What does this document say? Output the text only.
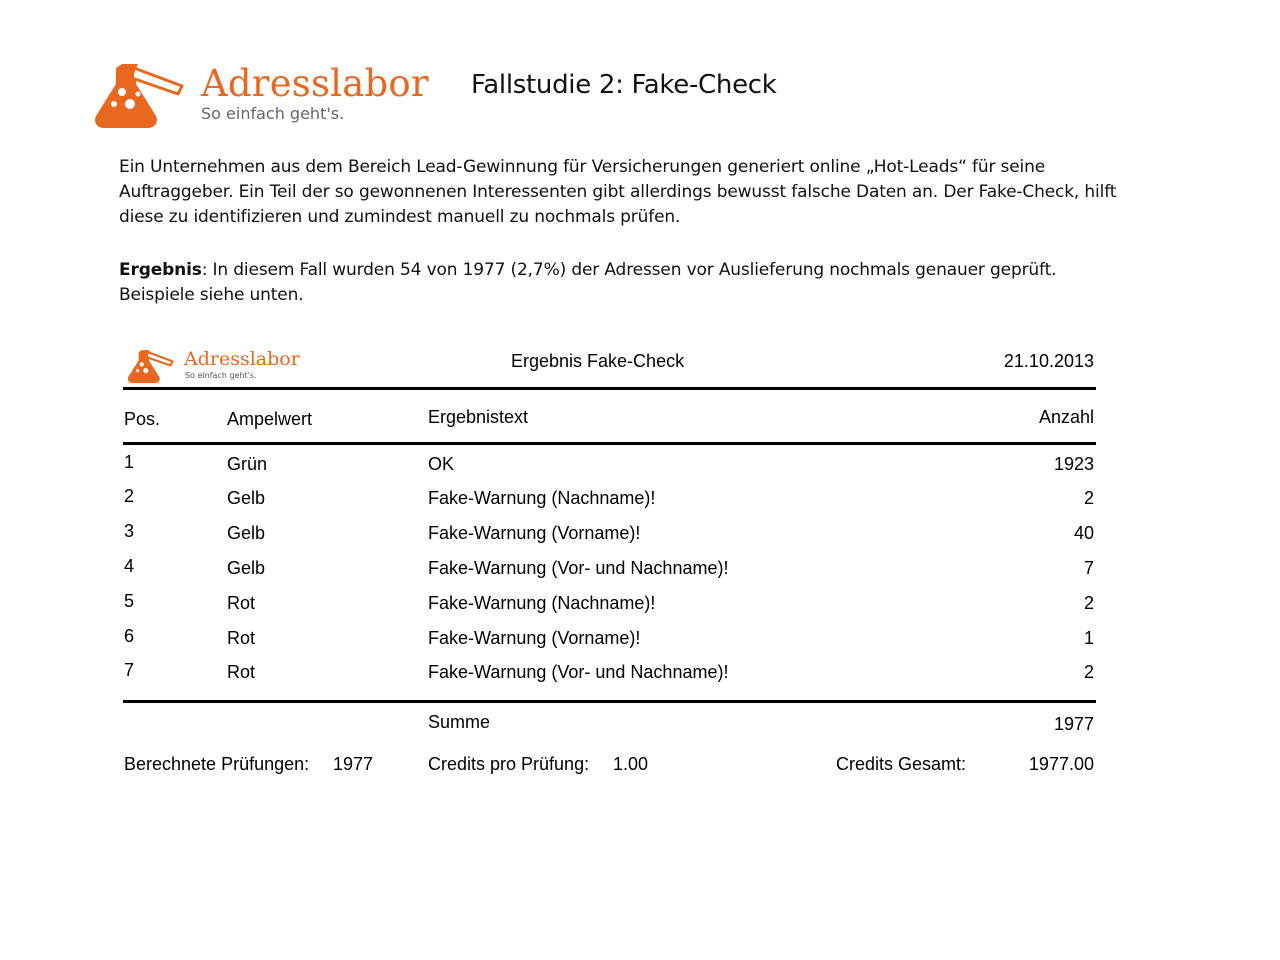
Adresslabor
So einfach geht's.
Fallstudie 2: Fake-Check

Ein Unternehmen aus dem Bereich Lead-Gewinnung für Versicherungen generiert online „Hot-Leads“ für seine Auftraggeber. Ein Teil der so gewonnenen Interessenten gibt allerdings bewusst falsche Daten an. Der Fake-Check, hilft diese zu identifizieren und zumindest manuell zu nochmals prüfen.

Ergebnis: In diesem Fall wurden 54 von 1977 (2,7%) der Adressen vor Auslieferung nochmals genauer geprüft. Beispiele siehe unten.

Adresslabor
So einfach geht's.
Ergebnis Fake-Check	21.10.2013
Pos.	Ampelwert	Ergebnistext	Anzahl
1	Grün	OK	1923
2	Gelb	Fake-Warnung (Nachname)!	2
3	Gelb	Fake-Warnung (Vorname)!	40
4	Gelb	Fake-Warnung (Vor- und Nachname)!	7
5	Rot	Fake-Warnung (Nachname)!	2
6	Rot	Fake-Warnung (Vorname)!	1
7	Rot	Fake-Warnung (Vor- und Nachname)!	2
Summe	1977
Berechnete Prüfungen: 1977	Credits pro Prüfung: 1.00	Credits Gesamt:	1977.00
